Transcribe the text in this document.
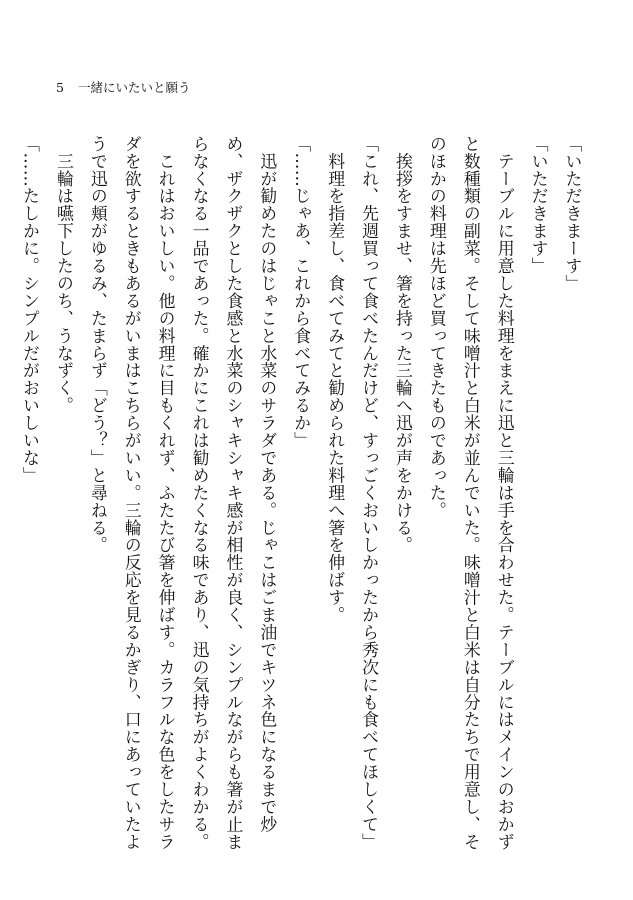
5 一緒にいたいと願う

「いただきまーす」

「いただきます」

　テーブルに用意した料理をまえに迅と三輪は手を合わせた。テーブルにはメインのおかずと数種類の副菜。そして味噌汁と白米が並んでいた。味噌汁と白米は自分たちで用意し、そのほかの料理は先ほど買ってきたものであった。

　挨拶をすませ、箸を持った三輪へ迅が声をかける。

「これ、先週買って食べたんだけど、すっごくおいしかったから秀次にも食べてほしくて」

　料理を指差し、食べてみてと勧められた料理へ箸を伸ばす。

「……じゃあ、これから食べてみるか」

　迅が勧めたのはじゃこと水菜のサラダである。じゃこはごま油でキツネ色になるまで炒め、ザクザクとした食感と水菜のシャキシャキ感が相性が良く、シンプルながらも箸が止まらなくなる一品であった。確かにこれは勧めたくなる味であり、迅の気持ちがよくわかる。

　これはおいしい。他の料理に目もくれず、ふたたび箸を伸ばす。カラフルな色をしたサラダを欲するときもあるがいまはこちらがいい。三輪の反応を見るかぎり、口にあっていたようで迅の頬がゆるみ、たまらず「どう？」と尋ねる。

　三輪は嚥下したのち、うなずく。

「……たしかに。シンプルだがおいしいな」
